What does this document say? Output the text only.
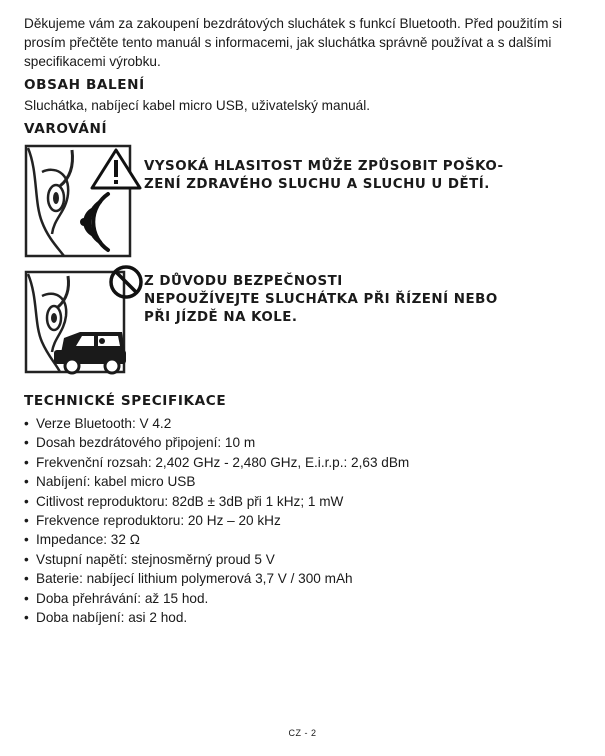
Děkujeme vám za zakoupení bezdrátových sluchátek s funkcí Bluetooth. Před použitím si prosím přečtěte tento manuál s informacemi, jak sluchátka správně používat a s dalšími specifikacemi výrobku.

OBSAH BALENÍ

Sluchátka, nabíjecí kabel micro USB, uživatelský manuál.

VAROVÁNÍ
VYSOKÁ HLASITOST MŮŽE ZPŮSOBIT POŠKO-
ZENÍ ZDRAVÉHO SLUCHU A SLUCHU U DĚTÍ.
Z DŮVODU BEZPEČNOSTI
NEPOUŽÍVEJTE SLUCHÁTKA PŘI ŘÍZENÍ NEBO
PŘI JÍZDĚ NA KOLE.
TECHNICKÉ SPECIFIKACE
• Verze Bluetooth: V 4.2
• Dosah bezdrátového připojení: 10 m
• Frekvenční rozsah: 2,402 GHz - 2,480 GHz, E.i.r.p.: 2,63 dBm
• Nabíjení: kabel micro USB
• Citlivost reproduktoru: 82dB ± 3dB při 1 kHz; 1 mW
• Frekvence reproduktoru: 20 Hz – 20 kHz
• Impedance: 32 Ω
• Vstupní napětí: stejnosměrný proud 5 V
• Baterie: nabíjecí lithium polymerová 3,7 V / 300 mAh
• Doba přehrávání: až 15 hod.
• Doba nabíjení: asi 2 hod.
CZ - 2
